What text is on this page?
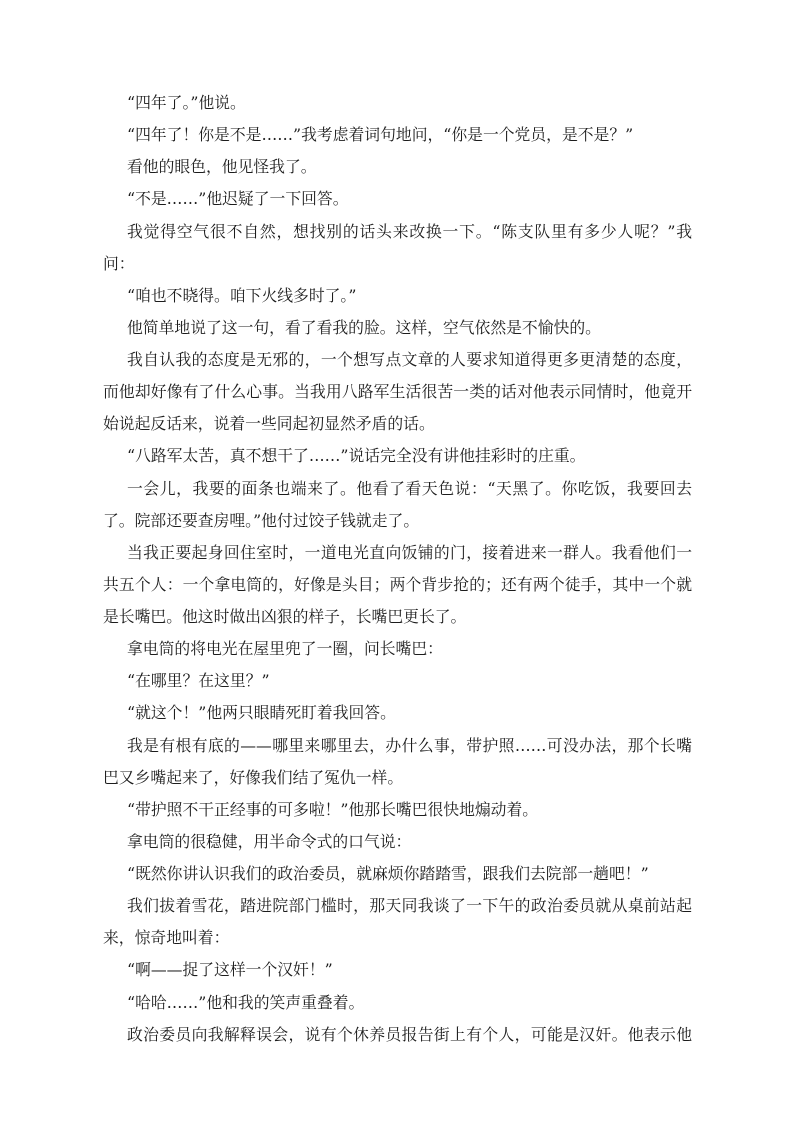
“四年了。”他说。
“四年了！你是不是……”我考虑着词句地问，“你是一个党员，是不是？”
看他的眼色，他见怪我了。
“不是……”他迟疑了一下回答。
我觉得空气很不自然，想找别的话头来改换一下。“陈支队里有多少人呢？”我
问：
“咱也不晓得。咱下火线多时了。”
他简单地说了这一句，看了看我的脸。这样，空气依然是不愉快的。
我自认我的态度是无邪的，一个想写点文章的人要求知道得更多更清楚的态度，
而他却好像有了什么心事。当我用八路军生活很苦一类的话对他表示同情时，他竟开
始说起反话来，说着一些同起初显然矛盾的话。
“八路军太苦，真不想干了……”说话完全没有讲他挂彩时的庄重。
一会儿，我要的面条也端来了。他看了看天色说：“天黑了。你吃饭，我要回去
了。院部还要查房哩。”他付过饺子钱就走了。
当我正要起身回住室时，一道电光直向饭铺的门，接着进来一群人。我看他们一
共五个人：一个拿电筒的，好像是头目；两个背步抢的；还有两个徒手，其中一个就
是长嘴巴。他这时做出凶狠的样子，长嘴巴更长了。
拿电筒的将电光在屋里兜了一圈，问长嘴巴：
“在哪里？在这里？”
“就这个！”他两只眼睛死盯着我回答。
我是有根有底的——哪里来哪里去，办什么事，带护照……可没办法，那个长嘴
巴又乡嘴起来了，好像我们结了冤仇一样。
“带护照不干正经事的可多啦！”他那长嘴巴很快地煽动着。
拿电筒的很稳健，用半命令式的口气说：
“既然你讲认识我们的政治委员，就麻烦你踏踏雪，跟我们去院部一趟吧！”
我们拔着雪花，踏进院部门槛时，那天同我谈了一下午的政治委员就从桌前站起
来，惊奇地叫着：
“啊——捉了这样一个汉奸！”
“哈哈……”他和我的笑声重叠着。
政治委员向我解释误会，说有个休养员报告街上有个人，可能是汉奸。他表示他
